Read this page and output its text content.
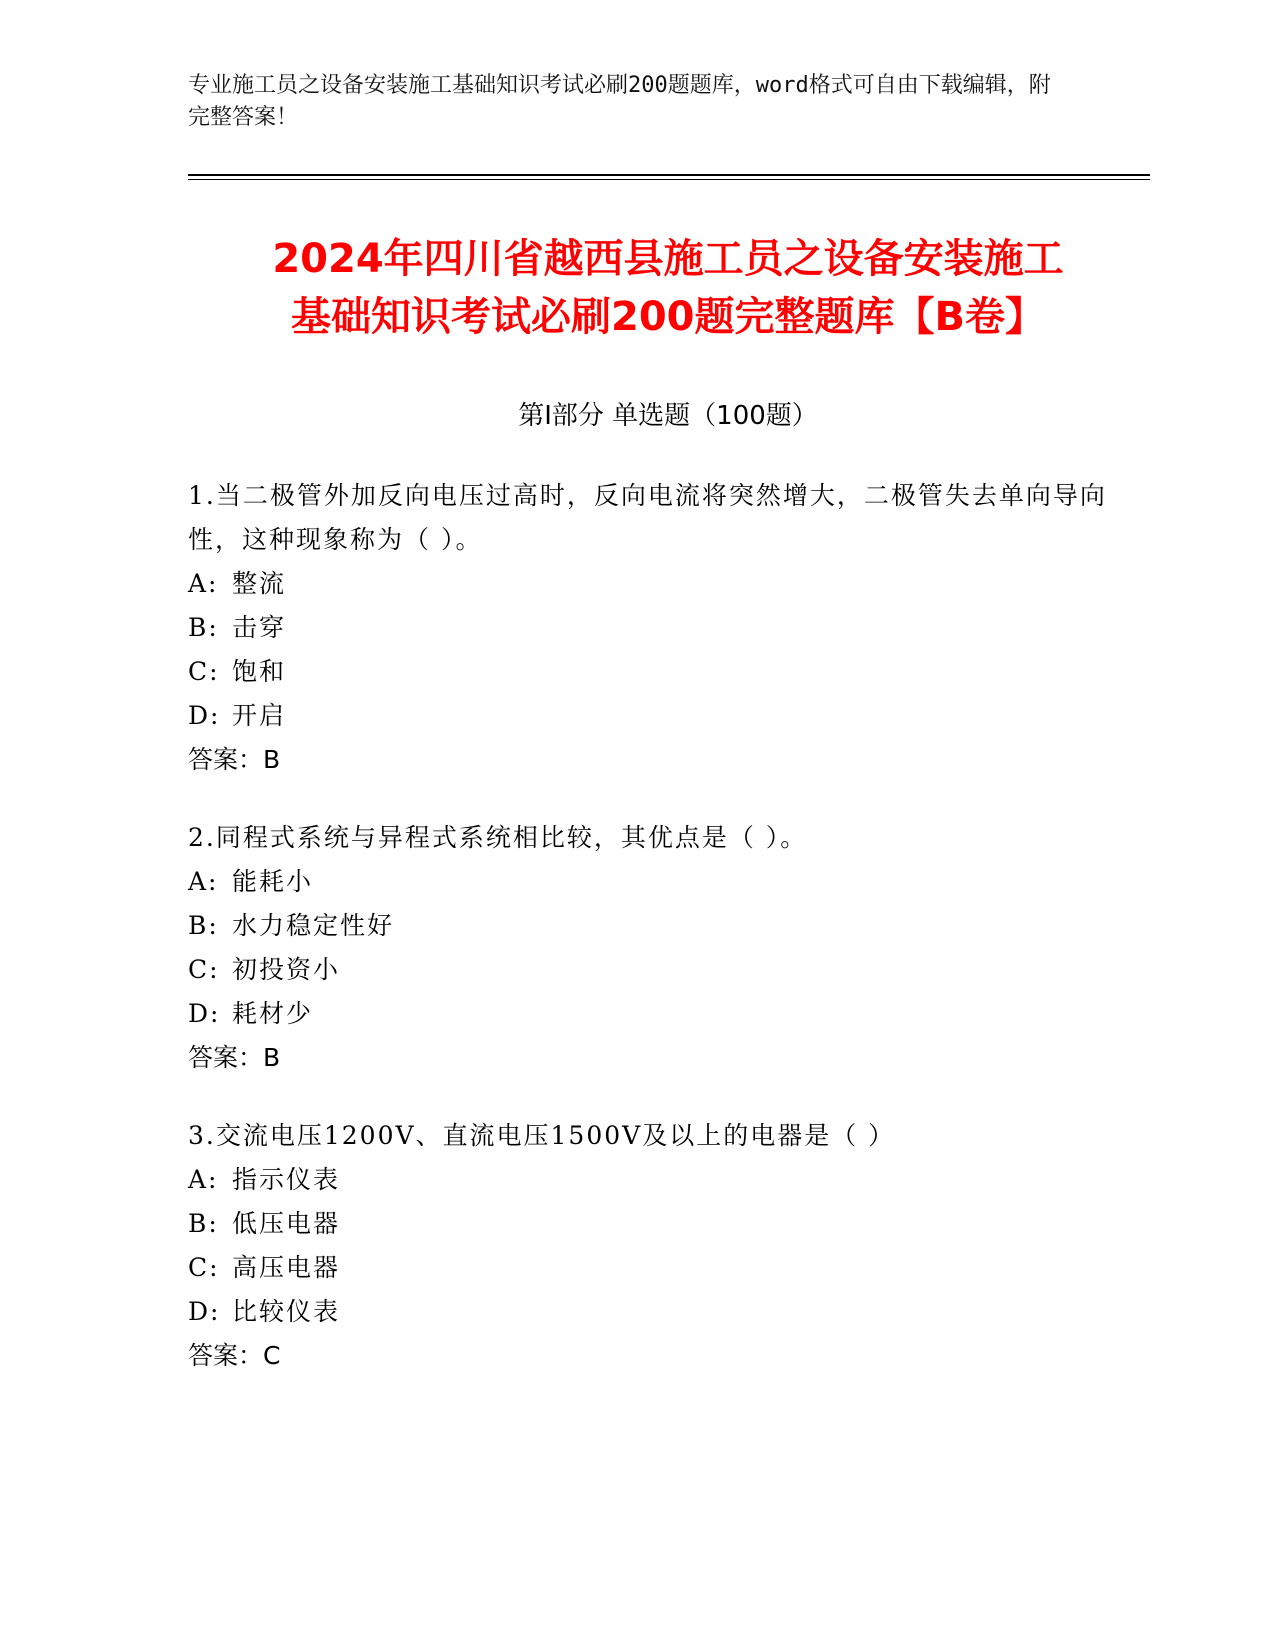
专业施工员之设备安装施工基础知识考试必刷200题题库，word格式可自由下载编辑，附完整答案！

2024年四川省越西县施工员之设备安装施工
基础知识考试必刷200题完整题库【B卷】
第Ⅰ部分 单选题（100题）

1.当二极管外加反向电压过高时，反向电流将突然增大，二极管失去单向导向性，这种现象称为（ ）。

A: 整流
B: 击穿
C: 饱和
D: 开启
答案：B

2.同程式系统与异程式系统相比较，其优点是（ ）。

A: 能耗小
B: 水力稳定性好
C: 初投资小
D: 耗材少
答案：B

3.交流电压1200V、直流电压1500V及以上的电器是（ ）

A: 指示仪表
B: 低压电器
C: 高压电器
D: 比较仪表
答案：C
